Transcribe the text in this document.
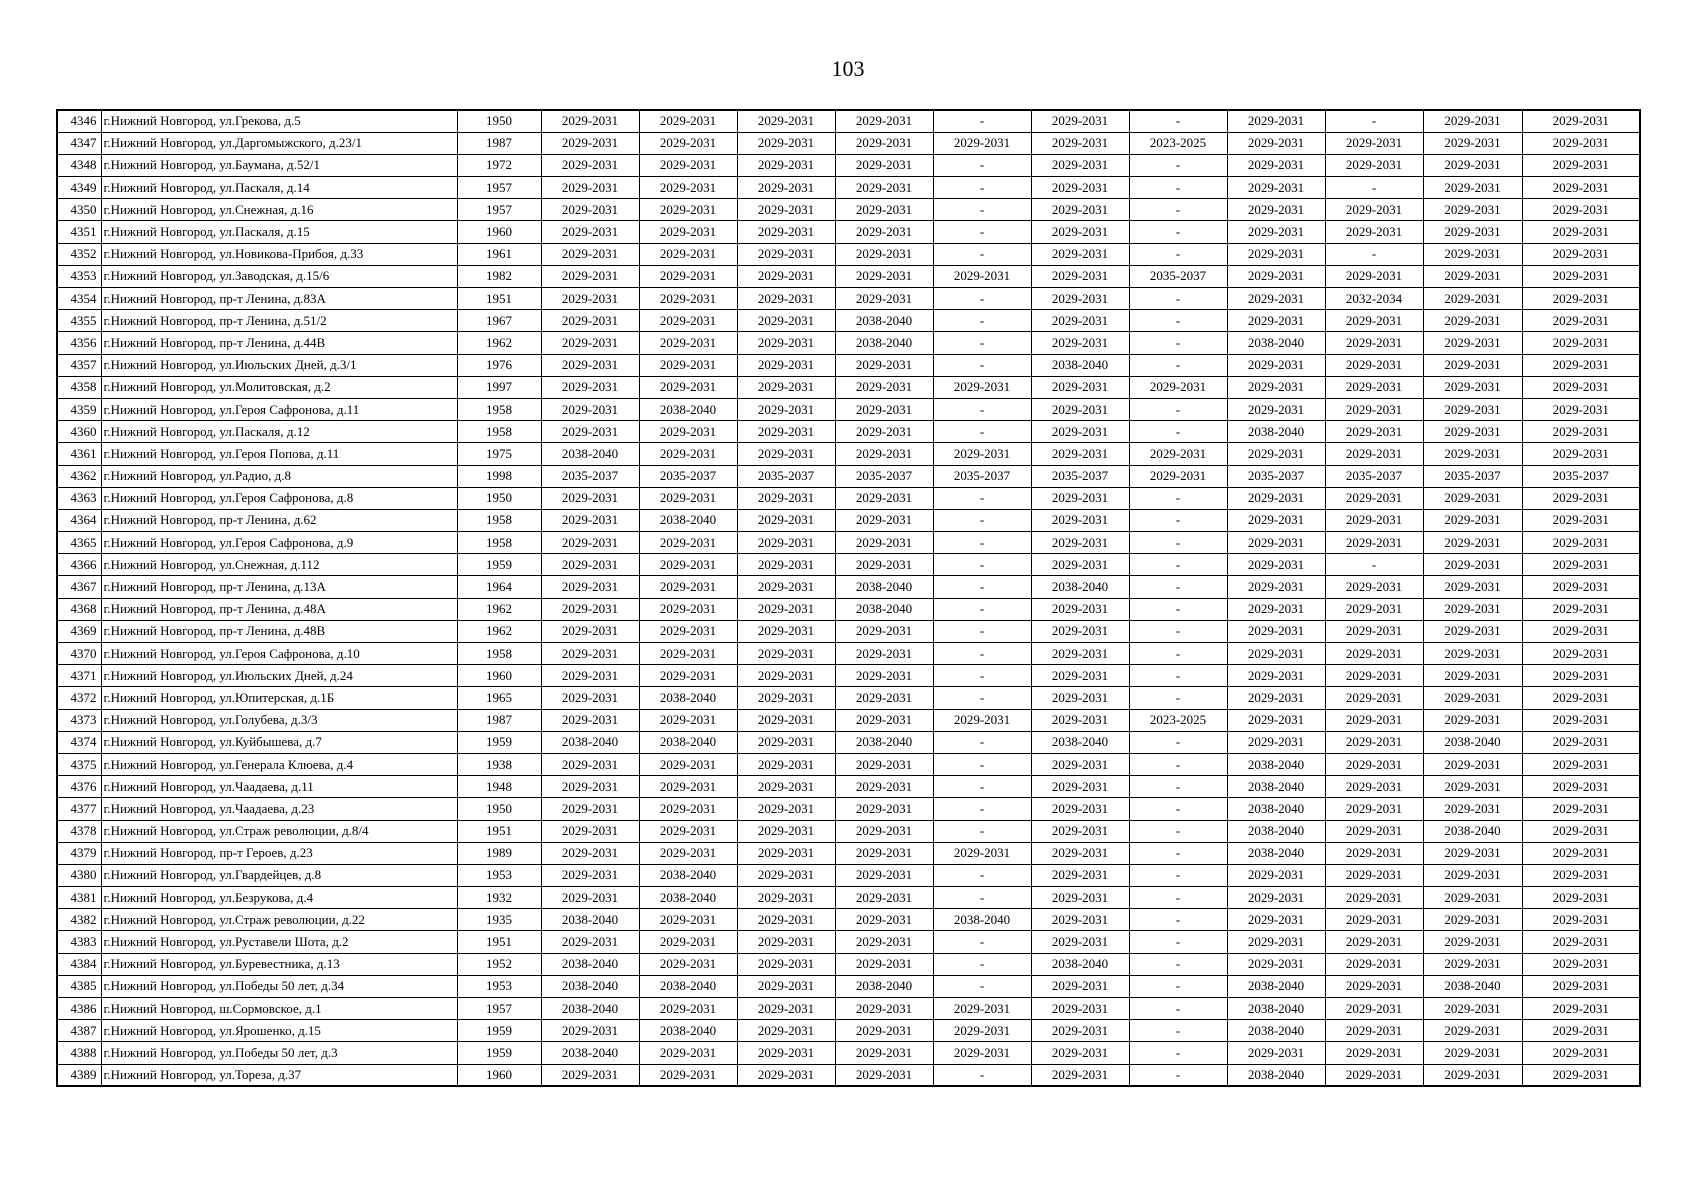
103
4346	г.Нижний Новгород, ул.Грекова, д.5	1950	2029-2031	2029-2031	2029-2031	2029-2031	-	2029-2031	-	2029-2031	-	2029-2031	2029-2031
4347	г.Нижний Новгород, ул.Даргомыжского, д.23/1	1987	2029-2031	2029-2031	2029-2031	2029-2031	2029-2031	2029-2031	2023-2025	2029-2031	2029-2031	2029-2031	2029-2031
4348	г.Нижний Новгород, ул.Баумана, д.52/1	1972	2029-2031	2029-2031	2029-2031	2029-2031	-	2029-2031	-	2029-2031	2029-2031	2029-2031	2029-2031
4349	г.Нижний Новгород, ул.Паскаля, д.14	1957	2029-2031	2029-2031	2029-2031	2029-2031	-	2029-2031	-	2029-2031	-	2029-2031	2029-2031
4350	г.Нижний Новгород, ул.Снежная, д.16	1957	2029-2031	2029-2031	2029-2031	2029-2031	-	2029-2031	-	2029-2031	2029-2031	2029-2031	2029-2031
4351	г.Нижний Новгород, ул.Паскаля, д.15	1960	2029-2031	2029-2031	2029-2031	2029-2031	-	2029-2031	-	2029-2031	2029-2031	2029-2031	2029-2031
4352	г.Нижний Новгород, ул.Новикова-Прибоя, д.33	1961	2029-2031	2029-2031	2029-2031	2029-2031	-	2029-2031	-	2029-2031	-	2029-2031	2029-2031
4353	г.Нижний Новгород, ул.Заводская, д.15/6	1982	2029-2031	2029-2031	2029-2031	2029-2031	2029-2031	2029-2031	2035-2037	2029-2031	2029-2031	2029-2031	2029-2031
4354	г.Нижний Новгород, пр-т Ленина, д.83А	1951	2029-2031	2029-2031	2029-2031	2029-2031	-	2029-2031	-	2029-2031	2032-2034	2029-2031	2029-2031
4355	г.Нижний Новгород, пр-т Ленина, д.51/2	1967	2029-2031	2029-2031	2029-2031	2038-2040	-	2029-2031	-	2029-2031	2029-2031	2029-2031	2029-2031
4356	г.Нижний Новгород, пр-т Ленина, д.44В	1962	2029-2031	2029-2031	2029-2031	2038-2040	-	2029-2031	-	2038-2040	2029-2031	2029-2031	2029-2031
4357	г.Нижний Новгород, ул.Июльских Дней, д.3/1	1976	2029-2031	2029-2031	2029-2031	2029-2031	-	2038-2040	-	2029-2031	2029-2031	2029-2031	2029-2031
4358	г.Нижний Новгород, ул.Молитовская, д.2	1997	2029-2031	2029-2031	2029-2031	2029-2031	2029-2031	2029-2031	2029-2031	2029-2031	2029-2031	2029-2031	2029-2031
4359	г.Нижний Новгород, ул.Героя Сафронова, д.11	1958	2029-2031	2038-2040	2029-2031	2029-2031	-	2029-2031	-	2029-2031	2029-2031	2029-2031	2029-2031
4360	г.Нижний Новгород, ул.Паскаля, д.12	1958	2029-2031	2029-2031	2029-2031	2029-2031	-	2029-2031	-	2038-2040	2029-2031	2029-2031	2029-2031
4361	г.Нижний Новгород, ул.Героя Попова, д.11	1975	2038-2040	2029-2031	2029-2031	2029-2031	2029-2031	2029-2031	2029-2031	2029-2031	2029-2031	2029-2031	2029-2031
4362	г.Нижний Новгород, ул.Радио, д.8	1998	2035-2037	2035-2037	2035-2037	2035-2037	2035-2037	2035-2037	2029-2031	2035-2037	2035-2037	2035-2037	2035-2037
4363	г.Нижний Новгород, ул.Героя Сафронова, д.8	1950	2029-2031	2029-2031	2029-2031	2029-2031	-	2029-2031	-	2029-2031	2029-2031	2029-2031	2029-2031
4364	г.Нижний Новгород, пр-т Ленина, д.62	1958	2029-2031	2038-2040	2029-2031	2029-2031	-	2029-2031	-	2029-2031	2029-2031	2029-2031	2029-2031
4365	г.Нижний Новгород, ул.Героя Сафронова, д.9	1958	2029-2031	2029-2031	2029-2031	2029-2031	-	2029-2031	-	2029-2031	2029-2031	2029-2031	2029-2031
4366	г.Нижний Новгород, ул.Снежная, д.112	1959	2029-2031	2029-2031	2029-2031	2029-2031	-	2029-2031	-	2029-2031	-	2029-2031	2029-2031
4367	г.Нижний Новгород, пр-т Ленина, д.13А	1964	2029-2031	2029-2031	2029-2031	2038-2040	-	2038-2040	-	2029-2031	2029-2031	2029-2031	2029-2031
4368	г.Нижний Новгород, пр-т Ленина, д.48А	1962	2029-2031	2029-2031	2029-2031	2038-2040	-	2029-2031	-	2029-2031	2029-2031	2029-2031	2029-2031
4369	г.Нижний Новгород, пр-т Ленина, д.48В	1962	2029-2031	2029-2031	2029-2031	2029-2031	-	2029-2031	-	2029-2031	2029-2031	2029-2031	2029-2031
4370	г.Нижний Новгород, ул.Героя Сафронова, д.10	1958	2029-2031	2029-2031	2029-2031	2029-2031	-	2029-2031	-	2029-2031	2029-2031	2029-2031	2029-2031
4371	г.Нижний Новгород, ул.Июльских Дней, д.24	1960	2029-2031	2029-2031	2029-2031	2029-2031	-	2029-2031	-	2029-2031	2029-2031	2029-2031	2029-2031
4372	г.Нижний Новгород, ул.Юпитерская, д.1Б	1965	2029-2031	2038-2040	2029-2031	2029-2031	-	2029-2031	-	2029-2031	2029-2031	2029-2031	2029-2031
4373	г.Нижний Новгород, ул.Голубева, д.3/3	1987	2029-2031	2029-2031	2029-2031	2029-2031	2029-2031	2029-2031	2023-2025	2029-2031	2029-2031	2029-2031	2029-2031
4374	г.Нижний Новгород, ул.Куйбышева, д.7	1959	2038-2040	2038-2040	2029-2031	2038-2040	-	2038-2040	-	2029-2031	2029-2031	2038-2040	2029-2031
4375	г.Нижний Новгород, ул.Генерала Клюева, д.4	1938	2029-2031	2029-2031	2029-2031	2029-2031	-	2029-2031	-	2038-2040	2029-2031	2029-2031	2029-2031
4376	г.Нижний Новгород, ул.Чаадаева, д.11	1948	2029-2031	2029-2031	2029-2031	2029-2031	-	2029-2031	-	2038-2040	2029-2031	2029-2031	2029-2031
4377	г.Нижний Новгород, ул.Чаадаева, д.23	1950	2029-2031	2029-2031	2029-2031	2029-2031	-	2029-2031	-	2038-2040	2029-2031	2029-2031	2029-2031
4378	г.Нижний Новгород, ул.Страж революции, д.8/4	1951	2029-2031	2029-2031	2029-2031	2029-2031	-	2029-2031	-	2038-2040	2029-2031	2038-2040	2029-2031
4379	г.Нижний Новгород, пр-т Героев, д.23	1989	2029-2031	2029-2031	2029-2031	2029-2031	2029-2031	2029-2031	-	2038-2040	2029-2031	2029-2031	2029-2031
4380	г.Нижний Новгород, ул.Гвардейцев, д.8	1953	2029-2031	2038-2040	2029-2031	2029-2031	-	2029-2031	-	2029-2031	2029-2031	2029-2031	2029-2031
4381	г.Нижний Новгород, ул.Безрукова, д.4	1932	2029-2031	2038-2040	2029-2031	2029-2031	-	2029-2031	-	2029-2031	2029-2031	2029-2031	2029-2031
4382	г.Нижний Новгород, ул.Страж революции, д.22	1935	2038-2040	2029-2031	2029-2031	2029-2031	2038-2040	2029-2031	-	2029-2031	2029-2031	2029-2031	2029-2031
4383	г.Нижний Новгород, ул.Руставели Шота, д.2	1951	2029-2031	2029-2031	2029-2031	2029-2031	-	2029-2031	-	2029-2031	2029-2031	2029-2031	2029-2031
4384	г.Нижний Новгород, ул.Буревестника, д.13	1952	2038-2040	2029-2031	2029-2031	2029-2031	-	2038-2040	-	2029-2031	2029-2031	2029-2031	2029-2031
4385	г.Нижний Новгород, ул.Победы 50 лет, д.34	1953	2038-2040	2038-2040	2029-2031	2038-2040	-	2029-2031	-	2038-2040	2029-2031	2038-2040	2029-2031
4386	г.Нижний Новгород, ш.Сормовское, д.1	1957	2038-2040	2029-2031	2029-2031	2029-2031	2029-2031	2029-2031	-	2038-2040	2029-2031	2029-2031	2029-2031
4387	г.Нижний Новгород, ул.Ярошенко, д.15	1959	2029-2031	2038-2040	2029-2031	2029-2031	2029-2031	2029-2031	-	2038-2040	2029-2031	2029-2031	2029-2031
4388	г.Нижний Новгород, ул.Победы 50 лет, д.3	1959	2038-2040	2029-2031	2029-2031	2029-2031	2029-2031	2029-2031	-	2029-2031	2029-2031	2029-2031	2029-2031
4389	г.Нижний Новгород, ул.Тореза, д.37	1960	2029-2031	2029-2031	2029-2031	2029-2031	-	2029-2031	-	2038-2040	2029-2031	2029-2031	2029-2031
